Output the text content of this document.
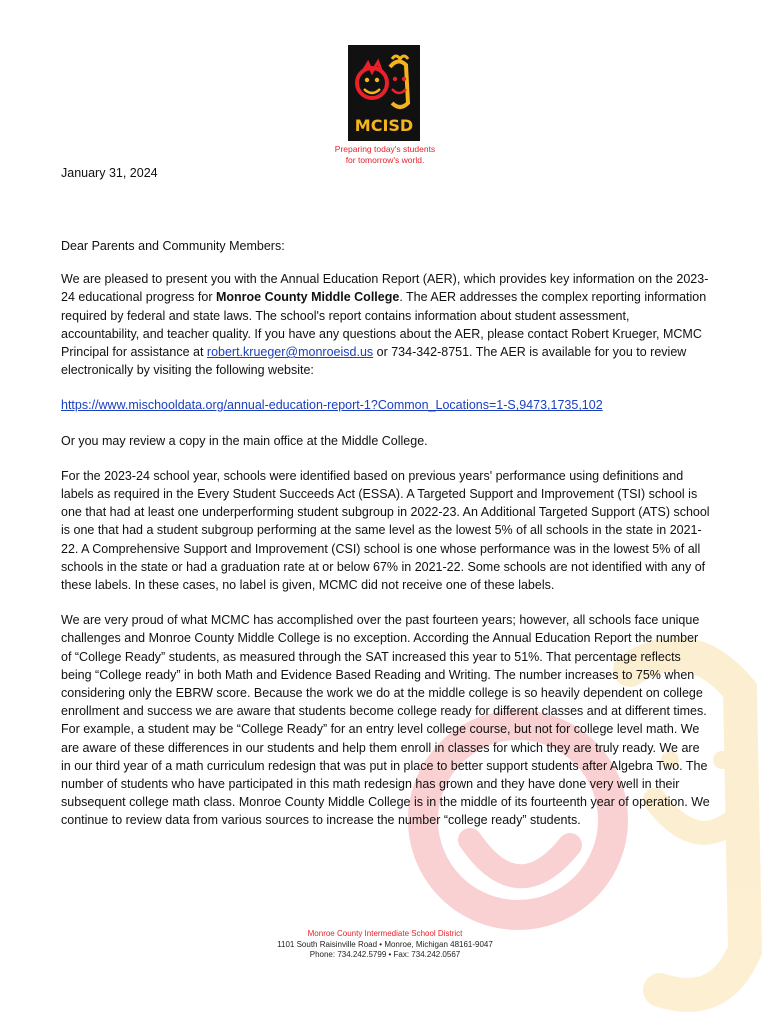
MCISD
Preparing today's students
for tomorrow's world.
January 31, 2024

Dear Parents and Community Members:

We are pleased to present you with the Annual Education Report (AER), which provides key information on the 2023-24 educational progress for Monroe County Middle College. The AER addresses the complex reporting information required by federal and state laws. The school's report contains information about student assessment, accountability, and teacher quality. If you have any questions about the AER, please contact Robert Krueger, MCMC Principal for assistance at robert.krueger@monroeisd.us or 734-342-8751. The AER is available for you to review electronically by visiting the following website:

https://www.mischooldata.org/annual-education-report-1?Common_Locations=1-S,9473,1735,102

Or you may review a copy in the main office at the Middle College.

For the 2023-24 school year, schools were identified based on previous years' performance using definitions and labels as required in the Every Student Succeeds Act (ESSA). A Targeted Support and Improvement (TSI) school is one that had at least one underperforming student subgroup in 2022-23. An Additional Targeted Support (ATS) school is one that had a student subgroup performing at the same level as the lowest 5% of all schools in the state in 2021-22. A Comprehensive Support and Improvement (CSI) school is one whose performance was in the lowest 5% of all schools in the state or had a graduation rate at or below 67% in 2021-22. Some schools are not identified with any of these labels. In these cases, no label is given, MCMC did not receive one of these labels.

We are very proud of what MCMC has accomplished over the past fourteen years; however, all schools face unique challenges and Monroe County Middle College is no exception. According the Annual Education Report the number of “College Ready” students, as measured through the SAT increased this year to 51%. That percentage reflects being “College ready” in both Math and Evidence Based Reading and Writing. The number increases to 75% when considering only the EBRW score. Because the work we do at the middle college is so heavily dependent on college enrollment and success we are aware that students become college ready for different classes and at different times. For example, a student may be “College Ready” for an entry level college course, but not for college level math. We are aware of these differences in our students and help them enroll in classes for which they are truly ready. We are in our third year of a math curriculum redesign that was put in place to better support students after Algebra Two. The number of students who have participated in this math redesign has grown and they have done very well in their subsequent college math class. Monroe County Middle College is in the middle of its fourteenth year of operation. We continue to review data from various sources to increase the number “college ready” students.

Monroe County Intermediate School District
1101 South Raisinville Road • Monroe, Michigan 48161-9047
Phone: 734.242.5799 • Fax: 734.242.0567
